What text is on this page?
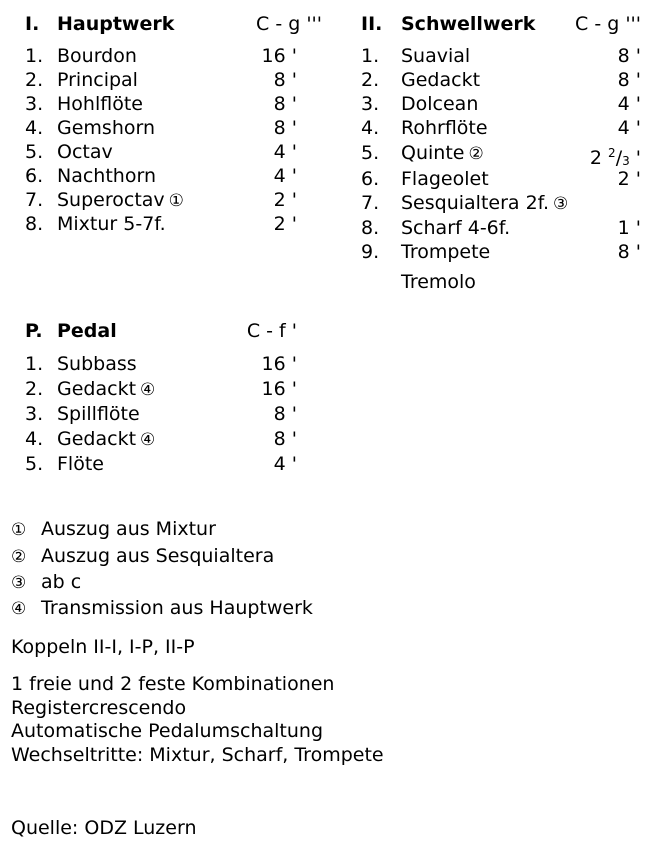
I. Hauptwerk	C - g '''
1. Bourdon	16 '
2. Principal	8 '
3. Hohlflöte	8 '
4. Gemshorn	8 '
5. Octav	4 '
6. Nachthorn	4 '
7. Superoctav ①	2 '
8. Mixtur 5-7f.	2 '
II. Schwellwerk	C - g '''
1.	Suavial	8 '
2.	Gedackt	8 '
3.	Dolcean	4 '
4.	Rohrflöte	4 '
5.	Quinte ②	2 $^2/_3$ '
6.	Flageolet	2 '
7.	Sesquialtera 2f. ③
8.	Scharf 4-6f.	1 '
9.	Trompete	8 '
Tremolo
P. Pedal	C - f '
1. Subbass	16 '
2. Gedackt ④	16 '
3. Spillflöte	8 '
4. Gedackt ④	8 '
5. Flöte	4 '
① Auszug aus Mixtur
② Auszug aus Sesquialtera
③ ab c
④ Transmission aus Hauptwerk
Koppeln II-I, I-P, II-P
1 freie und 2 feste Kombinationen
Registercrescendo
Automatische Pedalumschaltung
Wechseltritte: Mixtur, Scharf, Trompete
Quelle: ODZ Luzern
